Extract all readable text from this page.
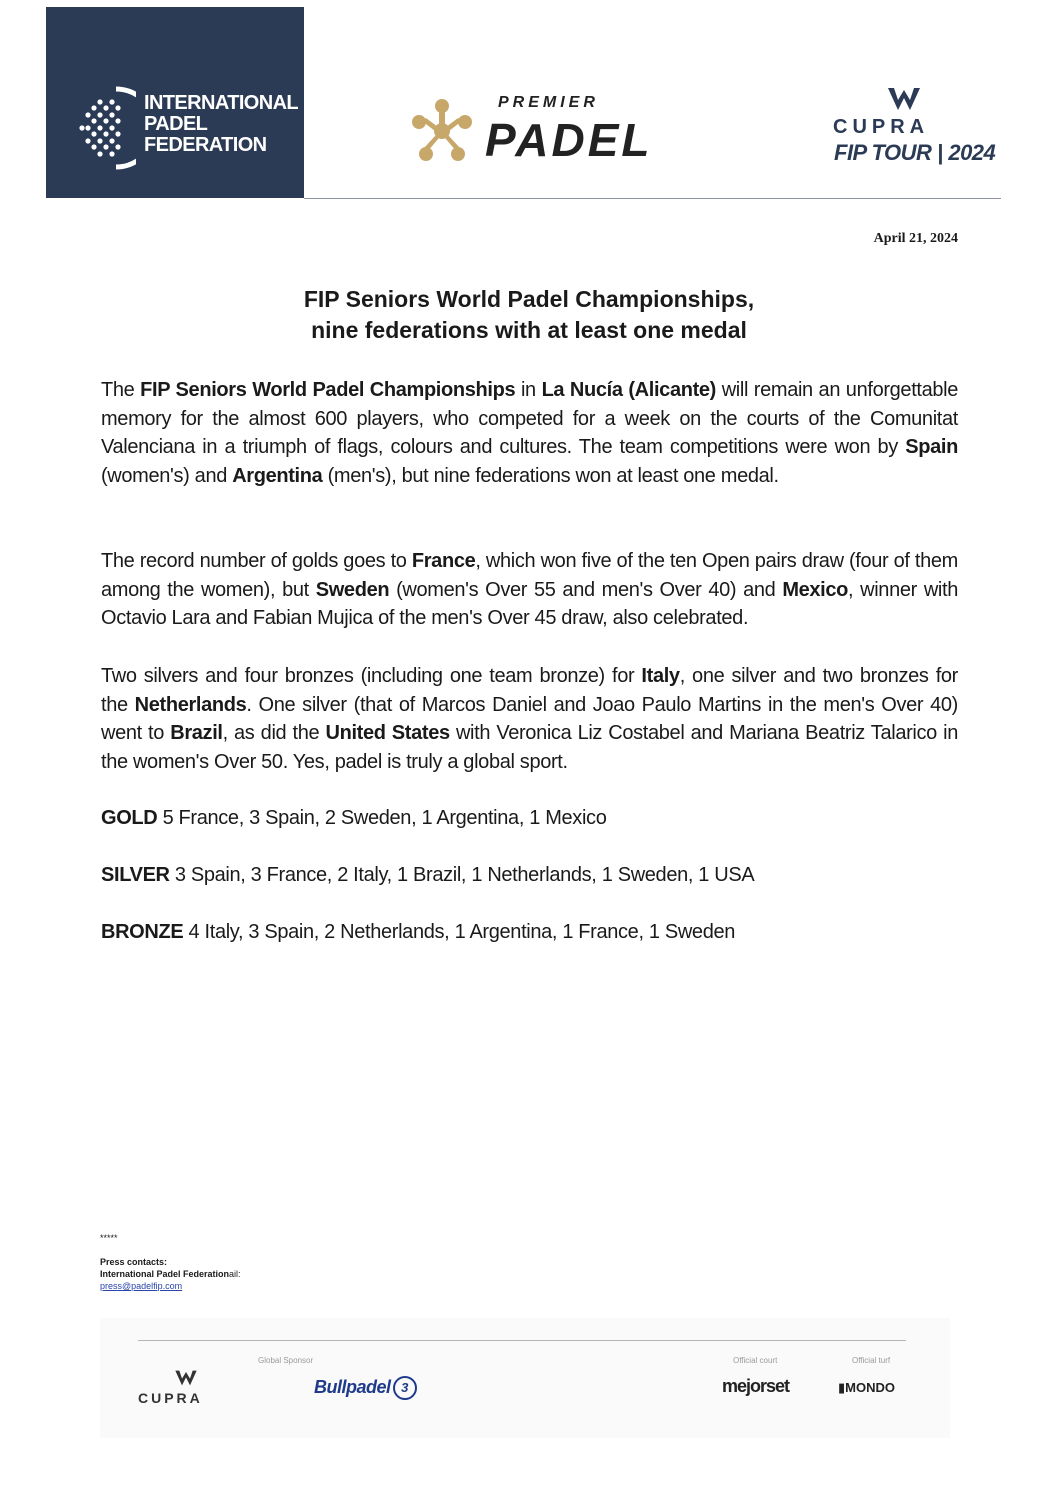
INTERNATIONAL
PADEL
FEDERATION
PREMIER
PADEL	CUPRA
FIP TOUR | 2024
April 21, 2024
FIP Seniors World Padel Championships,
nine federations with at least one medal
The FIP Seniors World Padel Championships in La Nucía (Alicante) will remain an unforgettable memory for the almost 600 players, who competed for a week on the courts of the Comunitat Valenciana in a triumph of flags, colours and cultures. The team competitions were won by Spain (women's) and Argentina (men's), but nine federations won at least one medal.
The record number of golds goes to France, which won five of the ten Open pairs draw (four of them among the women), but Sweden (women's Over 55 and men's Over 40) and Mexico, winner with Octavio Lara and Fabian Mujica of the men's Over 45 draw, also celebrated.
Two silvers and four bronzes (including one team bronze) for Italy, one silver and two bronzes for the Netherlands. One silver (that of Marcos Daniel and Joao Paulo Martins in the men's Over 40) went to Brazil, as did the United States with Veronica Liz Costabel and Mariana Beatriz Talarico in the women's Over 50. Yes, padel is truly a global sport.
GOLD 5 France, 3 Spain, 2 Sweden, 1 Argentina, 1 Mexico
SILVER 3 Spain, 3 France, 2 Italy, 1 Brazil, 1 Netherlands, 1 Sweden, 1 USA
BRONZE 4 Italy, 3 Spain, 2 Netherlands, 1 Argentina, 1 France, 1 Sweden
*****
Press contacts:
International Padel Federationail:
press@padelfip.com
CUPRA
Global Sponsor
Bullpadel 3
Official court
mejorset
Official turf
▮MONDO
